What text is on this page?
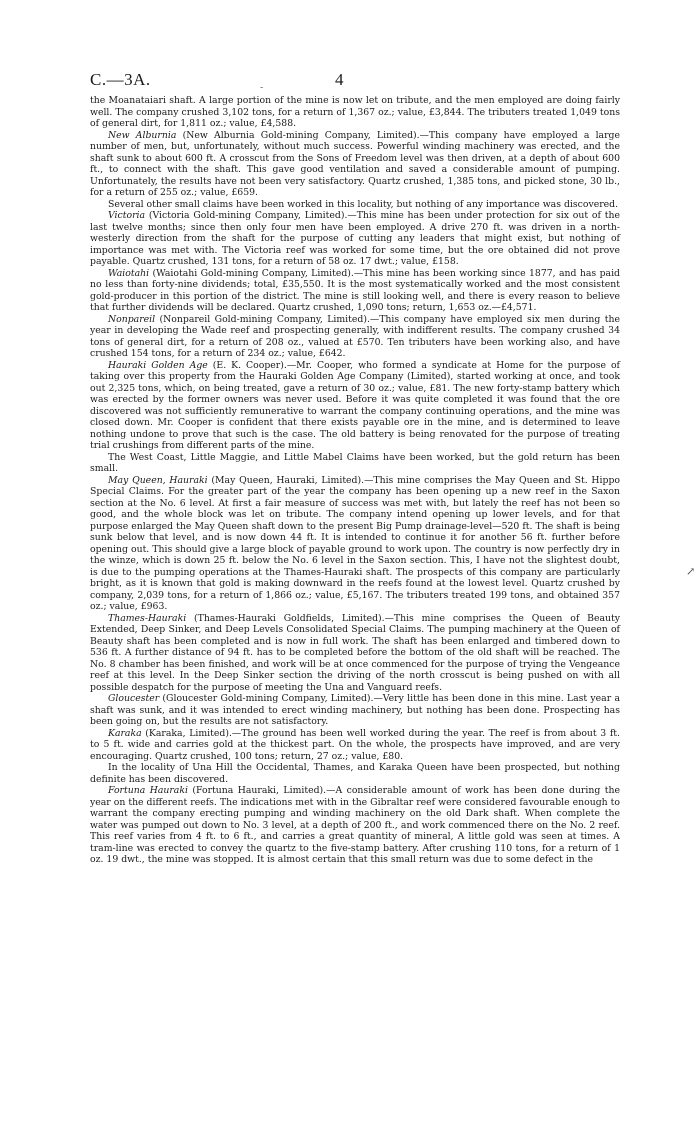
C.—3A.	-	4

the Moanataiari shaft. A large portion of the mine is now let on tribute, and the men employed are doing fairly well. The company crushed 3,102 tons, for a return of 1,367 oz.; value, £3,844. The tributers treated 1,049 tons of general dirt, for 1,811 oz.; value, £4,588.

New Alburnia (New Alburnia Gold-mining Company, Limited).—This company have employed a large number of men, but, unfortunately, without much success. Powerful winding machinery was erected, and the shaft sunk to about 600 ft. A crosscut from the Sons of Freedom level was then driven, at a depth of about 600 ft., to connect with the shaft. This gave good ventilation and saved a considerable amount of pumping. Unfortunately, the results have not been very satisfactory. Quartz crushed, 1,385 tons, and picked stone, 30 lb., for a return of 255 oz.; value, £659.

Several other small claims have been worked in this locality, but nothing of any importance was discovered.

Victoria (Victoria Gold-mining Company, Limited).—This mine has been under protection for six out of the last twelve months; since then only four men have been employed. A drive 270 ft. was driven in a north-westerly direction from the shaft for the purpose of cutting any leaders that might exist, but nothing of importance was met with. The Victoria reef was worked for some time, but the ore obtained did not prove payable. Quartz crushed, 131 tons, for a return of 58 oz. 17 dwt.; value, £158.

Waiotahi (Waiotahi Gold-mining Company, Limited).—This mine has been working since 1877, and has paid no less than forty-nine dividends; total, £35,550. It is the most systematically worked and the most consistent gold-producer in this portion of the district. The mine is still looking well, and there is every reason to believe that further dividends will be declared. Quartz crushed, 1,090 tons; return, 1,653 oz.—£4,571.

Nonpareil (Nonpareil Gold-mining Company, Limited).—This company have employed six men during the year in developing the Wade reef and prospecting generally, with indifferent results. The company crushed 34 tons of general dirt, for a return of 208 oz., valued at £570. Ten tributers have been working also, and have crushed 154 tons, for a return of 234 oz.; value, £642.

Hauraki Golden Age (E. K. Cooper).—Mr. Cooper, who formed a syndicate at Home for the purpose of taking over this property from the Hauraki Golden Age Company (Limited), started working at once, and took out 2,325 tons, which, on being treated, gave a return of 30 oz.; value, £81. The new forty-stamp battery which was erected by the former owners was never used. Before it was quite completed it was found that the ore discovered was not sufficiently remunerative to warrant the company continuing operations, and the mine was closed down. Mr. Cooper is confident that there exists payable ore in the mine, and is determined to leave nothing undone to prove that such is the case. The old battery is being renovated for the purpose of treating trial crushings from different parts of the mine.

The West Coast, Little Maggie, and Little Mabel Claims have been worked, but the gold return has been small.

May Queen, Hauraki (May Queen, Hauraki, Limited).—This mine comprises the May Queen and St. Hippo Special Claims. For the greater part of the year the company has been opening up a new reef in the Saxon section at the No. 6 level. At first a fair measure of success was met with, but lately the reef has not been so good, and the whole block was let on tribute. The company intend opening up lower levels, and for that purpose enlarged the May Queen shaft down to the present Big Pump drainage-level—520 ft. The shaft is being sunk below that level, and is now down 44 ft. It is intended to continue it for another 56 ft. further before opening out. This should give a large block of payable ground to work upon. The country is now perfectly dry in the winze, which is down 25 ft. below the No. 6 level in the Saxon section. This, I have not the slightest doubt, is due to the pumping operations at the Thames-Hauraki shaft. The prospects of this company are particularly bright, as it is known that gold is making downward in the reefs found at the lowest level. Quartz crushed by company, 2,039 tons, for a return of 1,866 oz.; value, £5,167. The tributers treated 199 tons, and obtained 357 oz.; value, £963.

Thames-Hauraki (Thames-Hauraki Goldfields, Limited).—This mine comprises the Queen of Beauty Extended, Deep Sinker, and Deep Levels Consolidated Special Claims. The pumping machinery at the Queen of Beauty shaft has been completed and is now in full work. The shaft has been enlarged and timbered down to 536 ft. A further distance of 94 ft. has to be completed before the bottom of the old shaft will be reached. The No. 8 chamber has been finished, and work will be at once commenced for the purpose of trying the Vengeance reef at this level. In the Deep Sinker section the driving of the north crosscut is being pushed on with all possible despatch for the purpose of meeting the Una and Vanguard reefs.

Gloucester (Gloucester Gold-mining Company, Limited).—Very little has been done in this mine. Last year a shaft was sunk, and it was intended to erect winding machinery, but nothing has been done. Prospecting has been going on, but the results are not satisfactory.

Karaka (Karaka, Limited).—The ground has been well worked during the year. The reef is from about 3 ft. to 5 ft. wide and carries gold at the thickest part. On the whole, the prospects have improved, and are very encouraging. Quartz crushed, 100 tons; return, 27 oz.; value, £80.

In the locality of Una Hill the Occidental, Thames, and Karaka Queen have been prospected, but nothing definite has been discovered.

Fortuna Hauraki (Fortuna Hauraki, Limited).—A considerable amount of work has been done during the year on the different reefs. The indications met with in the Gibraltar reef were considered favourable enough to warrant the company erecting pumping and winding machinery on the old Dark shaft. When complete the water was pumped out down to No. 3 level, at a depth of 200 ft., and work commenced there on the No. 2 reef. This reef varies from 4 ft. to 6 ft., and carries a great quantity of mineral, A little gold was seen at times. A tram-line was erected to convey the quartz to the five-stamp battery. After crushing 110 tons, for a return of 1 oz. 19 dwt., the mine was stopped. It is almost certain that this small return was due to some defect in the

↗
